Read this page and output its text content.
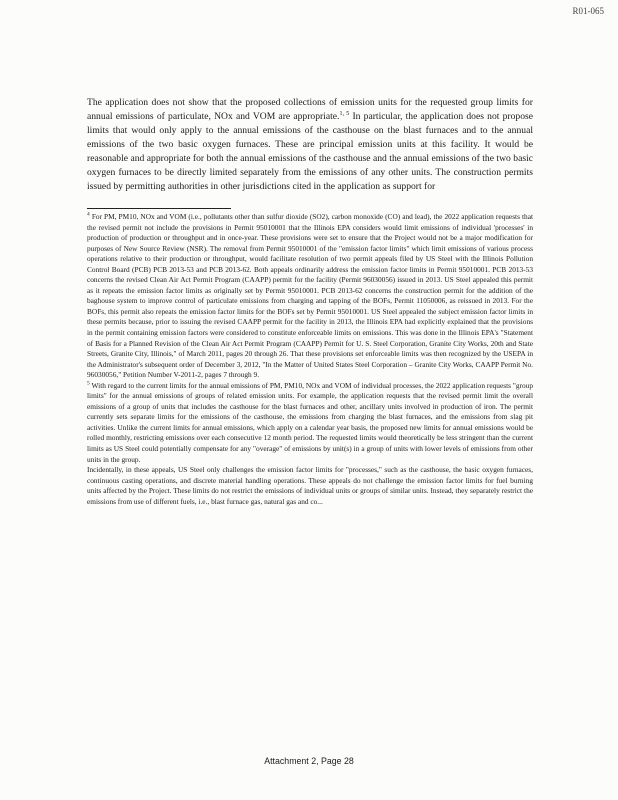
R01-065
The application does not show that the proposed collections of emission units for the requested group limits for annual emissions of particulate, NOx and VOM are appropriate.$^{1, 5}$ In particular, the application does not propose limits that would only apply to the annual emissions of the casthouse on the blast furnaces and to the annual emissions of the two basic oxygen furnaces. These are principal emission units at this facility. It would be reasonable and appropriate for both the annual emissions of the casthouse and the annual emissions of the two basic oxygen furnaces to be directly limited separately from the emissions of any other units. The construction permits issued by permitting authorities in other jurisdictions cited in the application as support for

$^4$ For PM, PM10, NOx and VOM (i.e., pollutants other than sulfur dioxide (SO2), carbon monoxide (CO) and lead), the 2022 application requests that the revised permit not include the provisions in Permit 95010001 that the Illinois EPA considers would limit emissions of individual 'processes' in production of production or throughput and in once-year. These provisions were set to ensure that the Project would not be a major modification for purposes of New Source Review (NSR). The removal from Permit 95010001 of the "emission factor limits" which limit emissions of various process operations relative to their production or throughput, would facilitate resolution of two permit appeals filed by US Steel with the Illinois Pollution Control Board (PCB) PCB 2013-53 and PCB 2013-62. Both appeals ordinarily address the emission factor limits in Permit 95010001. PCB 2013-53 concerns the revised Clean Air Act Permit Program (CAAPP) permit for the facility (Permit 96030056) issued in 2013. US Steel appealed this permit as it repeats the emission factor limits as originally set by Permit 95010001. PCB 2013-62 concerns the construction permit for the addition of the baghouse system to improve control of particulate emissions from charging and tapping of the BOFs, Permit 11050006, as reissued in 2013. For the BOFs, this permit also repeats the emission factor limits for the BOFs set by Permit 95010001. US Steel appealed the subject emission factor limits in these permits because, prior to issuing the revised CAAPP permit for the facility in 2013, the Illinois EPA had explicitly explained that the provisions in the permit containing emission factors were considered to constitute enforceable limits on emissions. This was done in the Illinois EPA's "Statement of Basis for a Planned Revision of the Clean Air Act Permit Program (CAAPP) Permit for U. S. Steel Corporation, Granite City Works, 20th and State Streets, Granite City, Illinois," of March 2011, pages 20 through 26. That these provisions set enforceable limits was then recognized by the USEPA in the Administrator's subsequent order of December 3, 2012, "In the Matter of United States Steel Corporation – Granite City Works, CAAPP Permit No. 96030056," Petition Number V-2011-2, pages 7 through 9.

$^5$ With regard to the current limits for the annual emissions of PM, PM10, NOx and VOM of individual processes, the 2022 application requests "group limits" for the annual emissions of groups of related emission units. For example, the application requests that the revised permit limit the overall emissions of a group of units that includes the casthouse for the blast furnaces and other, ancillary units involved in production of iron. The permit currently sets separate limits for the emissions of the casthouse, the emissions from charging the blast furnaces, and the emissions from slag pit activities. Unlike the current limits for annual emissions, which apply on a calendar year basis, the proposed new limits for annual emissions would be rolled monthly, restricting emissions over each consecutive 12 month period. The requested limits would theoretically be less stringent than the current limits as US Steel could potentially compensate for any "overage" of emissions by unit(s) in a group of units with lower levels of emissions from other units in the group.

Incidentally, in these appeals, US Steel only challenges the emission factor limits for "processes," such as the casthouse, the basic oxygen furnaces, continuous casting operations, and discrete material handling operations. These appeals do not challenge the emission factor limits for fuel burning units affected by the Project. These limits do not restrict the emissions of individual units or groups of similar units. Instead, they separately restrict the emissions from use of different fuels, i.e., blast furnace gas, natural gas and co...

Attachment 2, Page 28
